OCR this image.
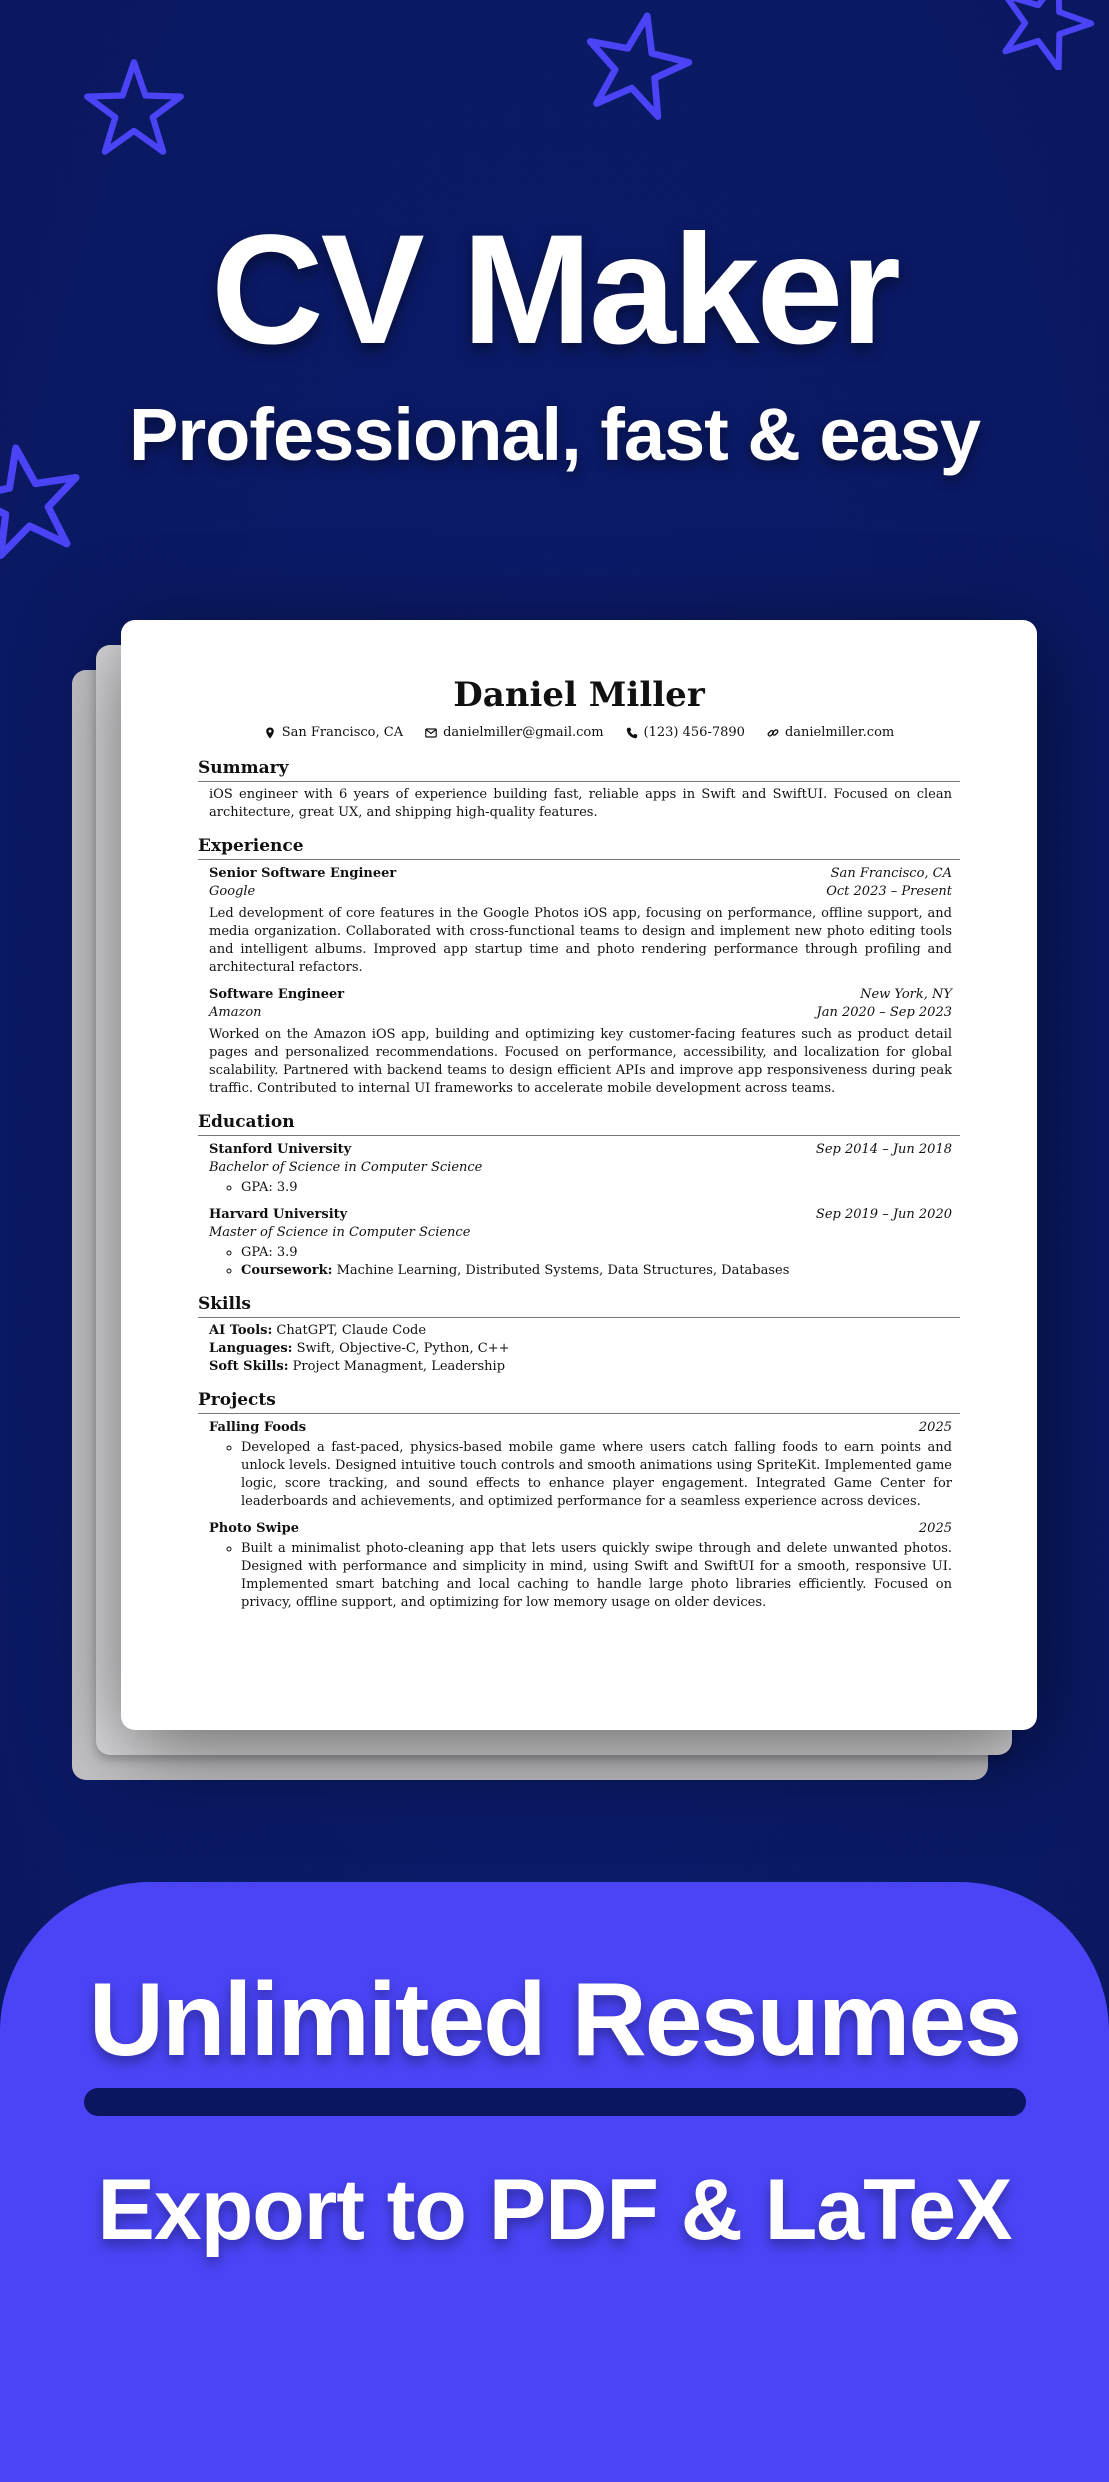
CV Maker
Professional, fast & easy
Daniel Miller
San Francisco, CA	danielmiller@gmail.com	(123) 456-7890	danielmiller.com
Summary
iOS engineer with 6 years of experience building fast, reliable apps in Swift and SwiftUI. Focused on clean architecture, great UX, and shipping high-quality features.
Experience
Senior Software Engineer	San Francisco, CA
Google	Oct 2023 – Present
Led development of core features in the Google Photos iOS app, focusing on performance, offline support, and media organization. Collaborated with cross-functional teams to design and implement new photo editing tools and intelligent albums. Improved app startup time and photo rendering performance through profiling and architectural refactors.
Software Engineer	New York, NY
Amazon	Jan 2020 – Sep 2023
Worked on the Amazon iOS app, building and optimizing key customer-facing features such as product detail pages and personalized recommendations. Focused on performance, accessibility, and localization for global scalability. Partnered with backend teams to design efficient APIs and improve app responsiveness during peak traffic. Contributed to internal UI frameworks to accelerate mobile development across teams.
Education
Stanford University	Sep 2014 – Jun 2018
Bachelor of Science in Computer Science
◦ GPA: 3.9
Harvard University	Sep 2019 – Jun 2020
Master of Science in Computer Science
◦ GPA: 3.9
◦ Coursework: Machine Learning, Distributed Systems, Data Structures, Databases
Skills
AI Tools:
ChatGPT, Claude Code
Languages:
Swift, Objective-C, Python, C++
Soft Skills:
Project Managment, Leadership
Projects
Falling Foods	2025
◦ Developed a fast-paced, physics-based mobile game where users catch falling foods to earn points and unlock levels. Designed intuitive touch controls and smooth animations using SpriteKit. Implemented game logic, score tracking, and sound effects to enhance player engagement. Integrated Game Center for leaderboards and achievements, and optimized performance for a seamless experience across devices.
Photo Swipe	2025
◦ Built a minimalist photo-cleaning app that lets users quickly swipe through and delete unwanted photos. Designed with performance and simplicity in mind, using Swift and SwiftUI for a smooth, responsive UI. Implemented smart batching and local caching to handle large photo libraries efficiently. Focused on privacy, offline support, and optimizing for low memory usage on older devices.
Unlimited Resumes
Export to PDF & LaTeX
